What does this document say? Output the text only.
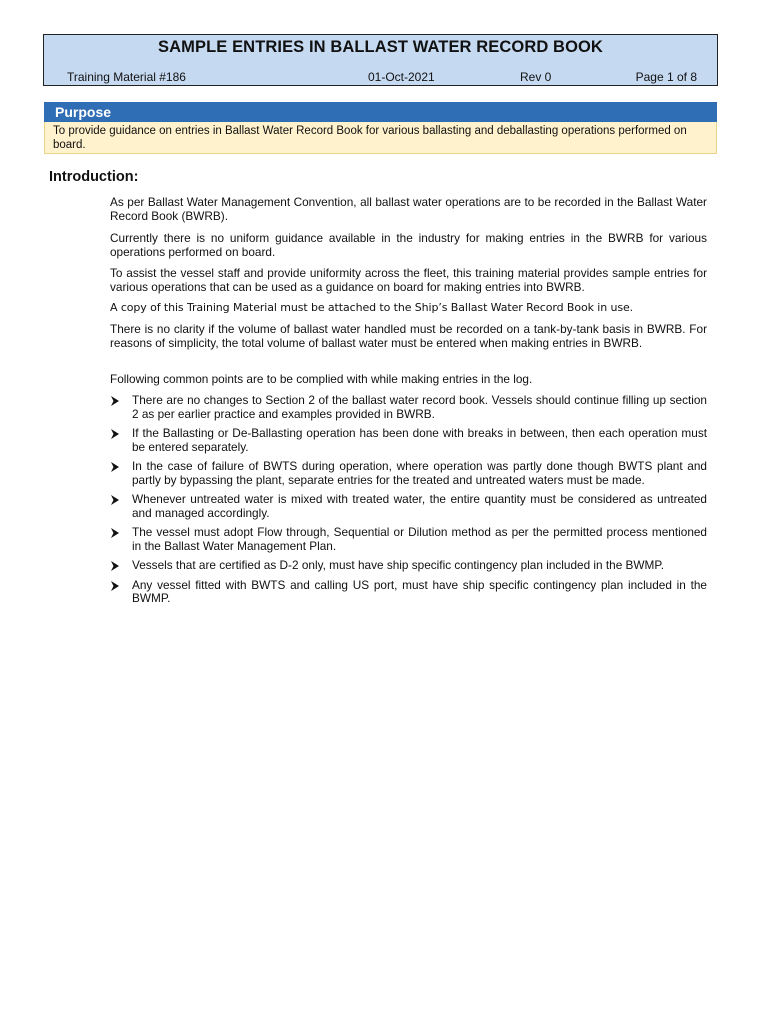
SAMPLE ENTRIES IN BALLAST WATER RECORD BOOK
Training Material #186	01-Oct-2021	Rev 0	Page 1 of 8
Purpose
To provide guidance on entries in Ballast Water Record Book for various ballasting and deballasting operations performed on board.
Introduction:
As per Ballast Water Management Convention, all ballast water operations are to be recorded in the Ballast Water Record Book (BWRB).
Currently there is no uniform guidance available in the industry for making entries in the BWRB for various operations performed on board.
To assist the vessel staff and provide uniformity across the fleet, this training material provides sample entries for various operations that can be used as a guidance on board for making entries into BWRB.
A copy of this Training Material must be attached to the Ship’s Ballast Water Record Book in use.
There is no clarity if the volume of ballast water handled must be recorded on a tank-by-tank basis in BWRB. For reasons of simplicity, the total volume of ballast water must be entered when making entries in BWRB.
Following common points are to be complied with while making entries in the log.
There are no changes to Section 2 of the ballast water record book. Vessels should continue filling up section 2 as per earlier practice and examples provided in BWRB.
If the Ballasting or De-Ballasting operation has been done with breaks in between, then each operation must be entered separately.
In the case of failure of BWTS during operation, where operation was partly done though BWTS plant and partly by bypassing the plant, separate entries for the treated and untreated waters must be made.
Whenever untreated water is mixed with treated water, the entire quantity must be considered as untreated and managed accordingly.
The vessel must adopt Flow through, Sequential or Dilution method as per the permitted process mentioned in the Ballast Water Management Plan.
Vessels that are certified as D-2 only, must have ship specific contingency plan included in the BWMP.
Any vessel fitted with BWTS and calling US port, must have ship specific contingency plan included in the BWMP.
